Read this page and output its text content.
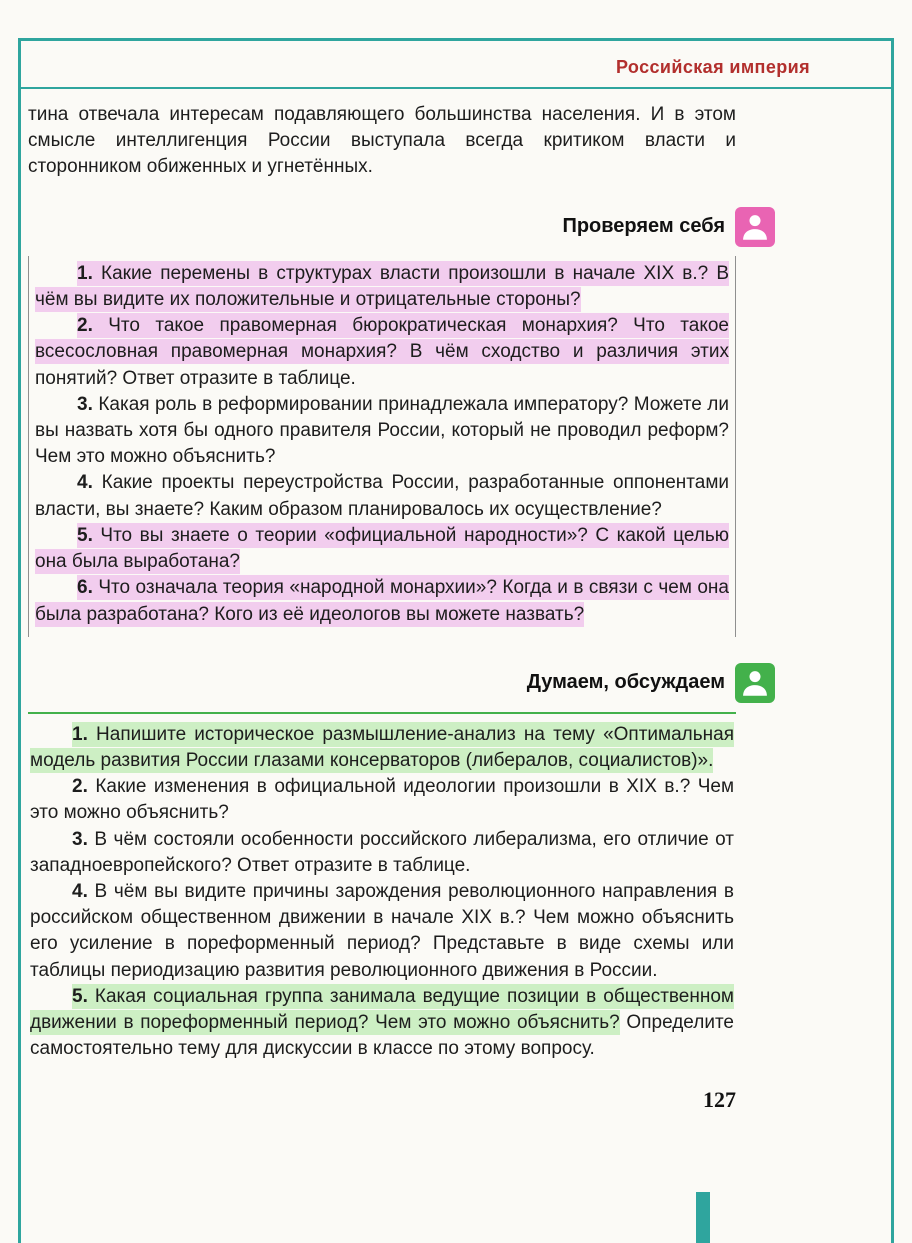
Российская империя

тина отвечала интересам подавляющего большинства населения. И в этом смысле интеллигенция России выступала всегда критиком власти и сторонником обиженных и угнетённых.

Проверяем себя

1. Какие перемены в структурах власти произошли в начале XIX в.? В чём вы видите их положительные и отрицательные стороны?

2. Что такое правомерная бюрократическая монархия? Что такое всесословная правомерная монархия? В чём сходство и различия этих понятий? Ответ отразите в таблице.

3. Какая роль в реформировании принадлежала императору? Можете ли вы назвать хотя бы одного правителя России, который не проводил реформ? Чем это можно объяснить?

4. Какие проекты переустройства России, разработанные оппонентами власти, вы знаете? Каким образом планировалось их осуществление?

5. Что вы знаете о теории «официальной народности»? С какой целью она была выработана?

6. Что означала теория «народной монархии»? Когда и в связи с чем она была разработана? Кого из её идеологов вы можете назвать?

Думаем, обсуждаем

1. Напишите историческое размышление-анализ на тему «Оптимальная модель развития России глазами консерваторов (либералов, социалистов)».

2. Какие изменения в официальной идеологии произошли в XIX в.? Чем это можно объяснить?

3. В чём состояли особенности российского либерализма, его отличие от западноевропейского? Ответ отразите в таблице.

4. В чём вы видите причины зарождения революционного направления в российском общественном движении в начале XIX в.? Чем можно объяснить его усиление в пореформенный период? Представьте в виде схемы или таблицы периодизацию развития революционного движения в России.

5. Какая социальная группа занимала ведущие позиции в общественном движении в пореформенный период? Чем это можно объяснить? Определите самостоятельно тему для дискуссии в классе по этому вопросу.

127
